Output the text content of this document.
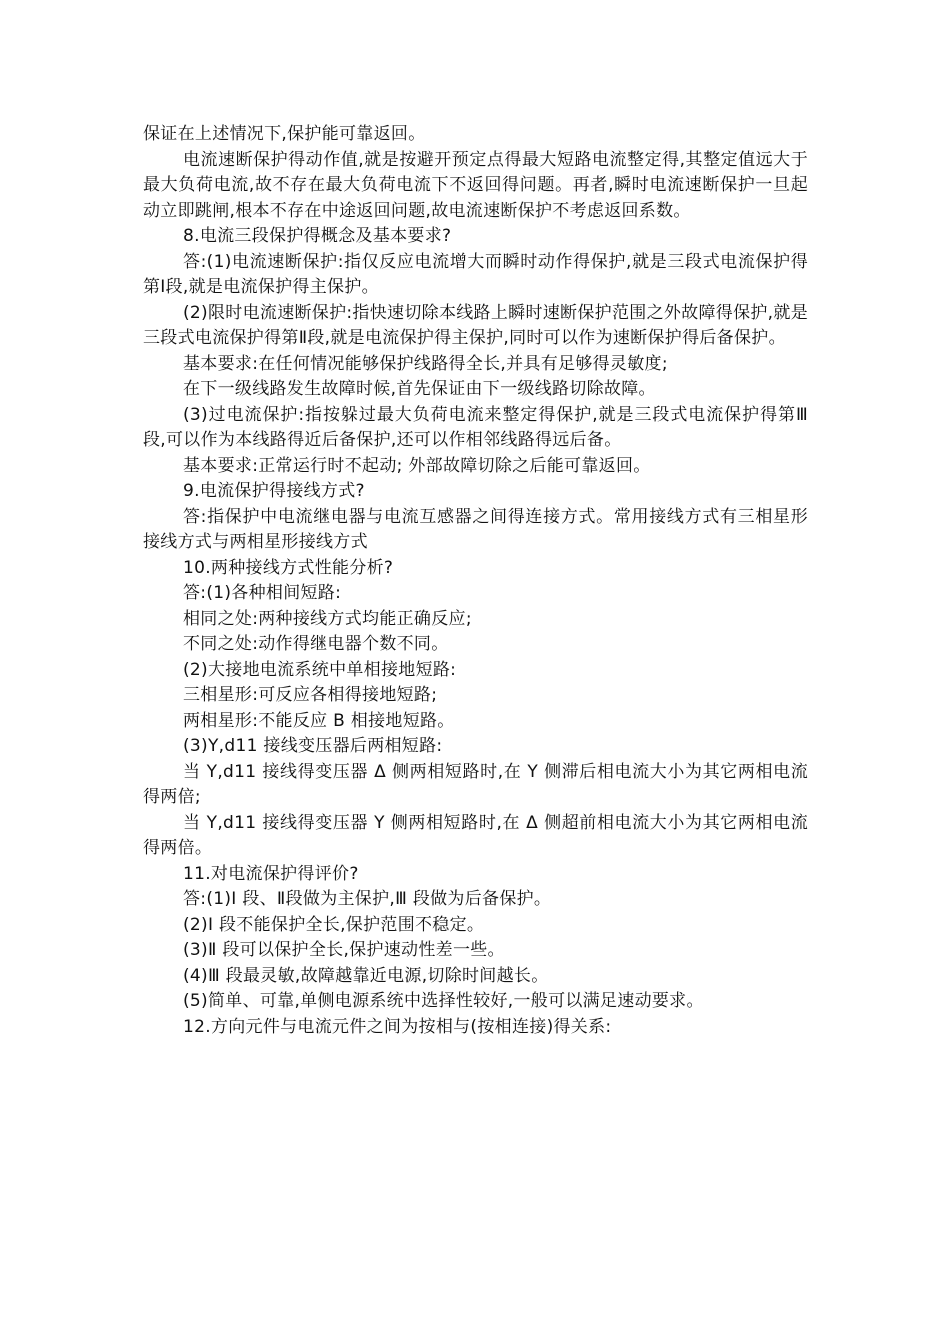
保证在上述情况下,保护能可靠返回。

电流速断保护得动作值,就是按避开预定点得最大短路电流整定得,其整定值远大于最大负荷电流,故不存在最大负荷电流下不返回得问题。再者,瞬时电流速断保护一旦起动立即跳闸,根本不存在中途返回问题,故电流速断保护不考虑返回系数。

8.电流三段保护得概念及基本要求?

答:(1)电流速断保护:指仅反应电流增大而瞬时动作得保护,就是三段式电流保护得第Ⅰ段,就是电流保护得主保护。

(2)限时电流速断保护:指快速切除本线路上瞬时速断保护范围之外故障得保护,就是三段式电流保护得第Ⅱ段,就是电流保护得主保护,同时可以作为速断保护得后备保护。

基本要求:在任何情况能够保护线路得全长,并具有足够得灵敏度;

在下一级线路发生故障时候,首先保证由下一级线路切除故障。

(3)过电流保护:指按躲过最大负荷电流来整定得保护,就是三段式电流保护得第Ⅲ段,可以作为本线路得近后备保护,还可以作相邻线路得远后备。

基本要求:正常运行时不起动; 外部故障切除之后能可靠返回。

9.电流保护得接线方式?

答:指保护中电流继电器与电流互感器之间得连接方式。常用接线方式有三相星形接线方式与两相星形接线方式

10.两种接线方式性能分析?

答:(1)各种相间短路:

相同之处:两种接线方式均能正确反应;

不同之处:动作得继电器个数不同。

(2)大接地电流系统中单相接地短路:

三相星形:可反应各相得接地短路;

两相星形:不能反应 B 相接地短路。

(3)Y,d11 接线变压器后两相短路:

当 Y,d11 接线得变压器 Δ 侧两相短路时,在 Y 侧滞后相电流大小为其它两相电流得两倍;

当 Y,d11 接线得变压器 Y 侧两相短路时,在 Δ 侧超前相电流大小为其它两相电流得两倍。

11.对电流保护得评价?

答:(1)Ⅰ 段、Ⅱ段做为主保护,Ⅲ 段做为后备保护。

(2)Ⅰ 段不能保护全长,保护范围不稳定。

(3)Ⅱ 段可以保护全长,保护速动性差一些。

(4)Ⅲ 段最灵敏,故障越靠近电源,切除时间越长。

(5)简单、可靠,单侧电源系统中选择性较好,一般可以满足速动要求。

12.方向元件与电流元件之间为按相与(按相连接)得关系:
